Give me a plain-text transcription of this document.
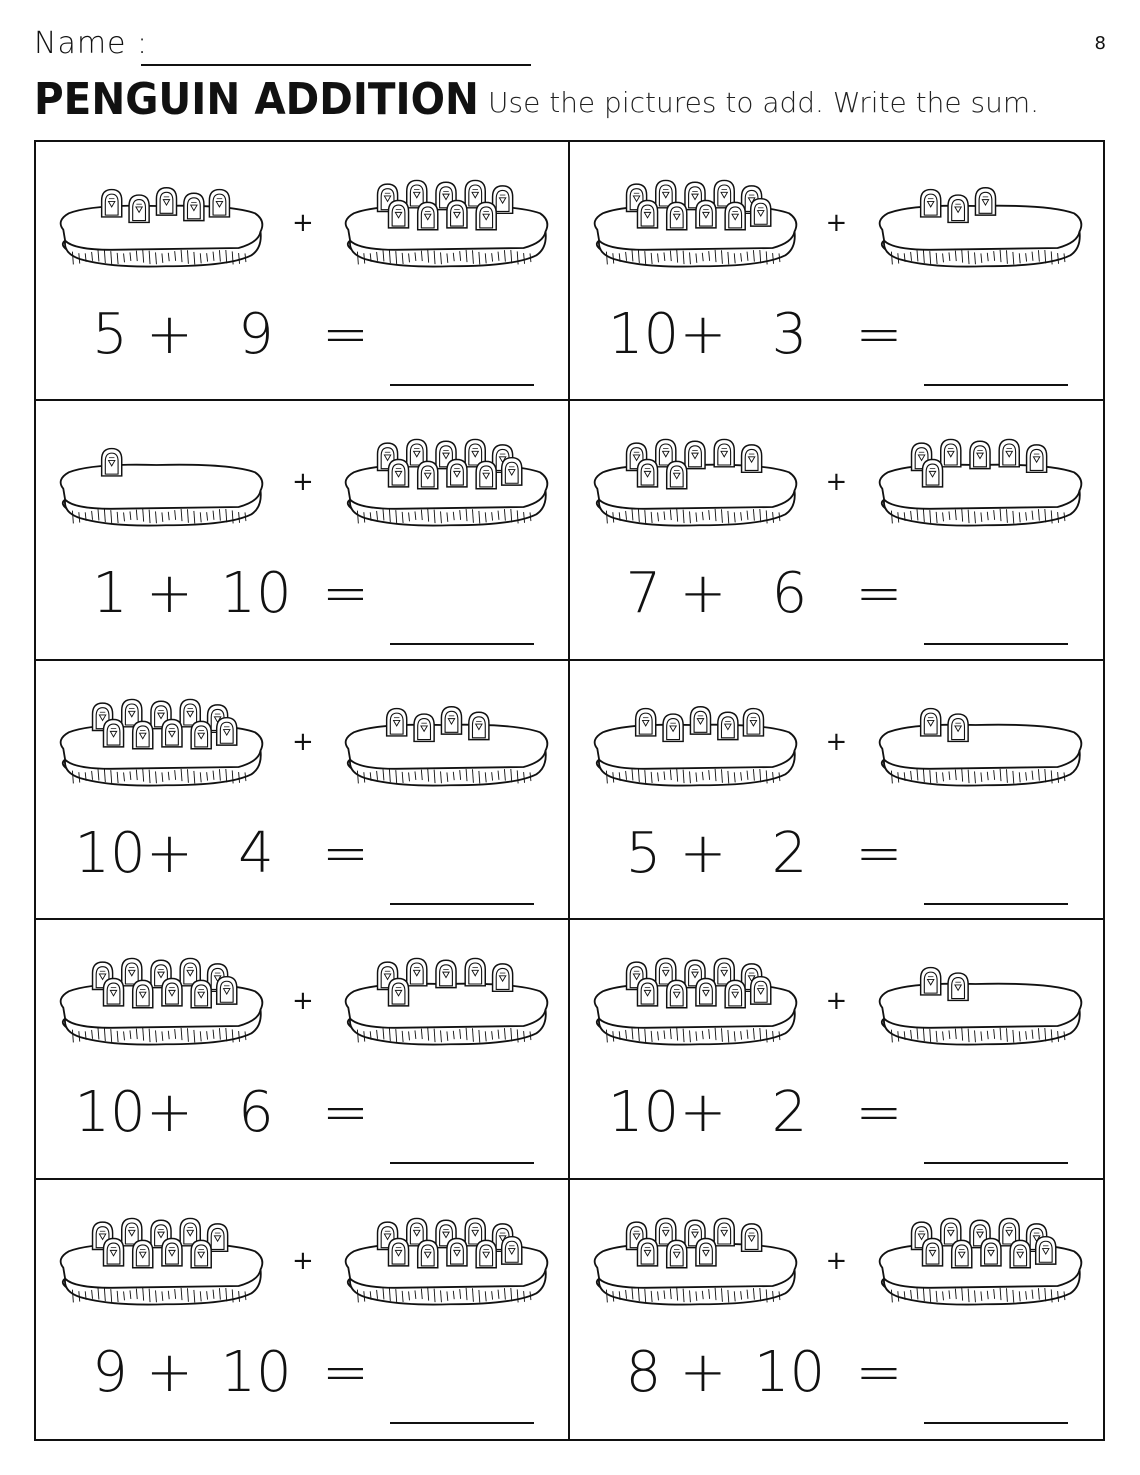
Name :	8
PENGUIN ADDITION Use the pictures to add. Write the sum.
+
5 + 9 =
+
10 + 3 =
+
1 + 10 =
+
7 + 6 =
+
10 + 4 =
+
5 + 2 =
+
10 + 6 =
+
10 + 2 =
+
9 + 10 =
+
8 + 10 =
